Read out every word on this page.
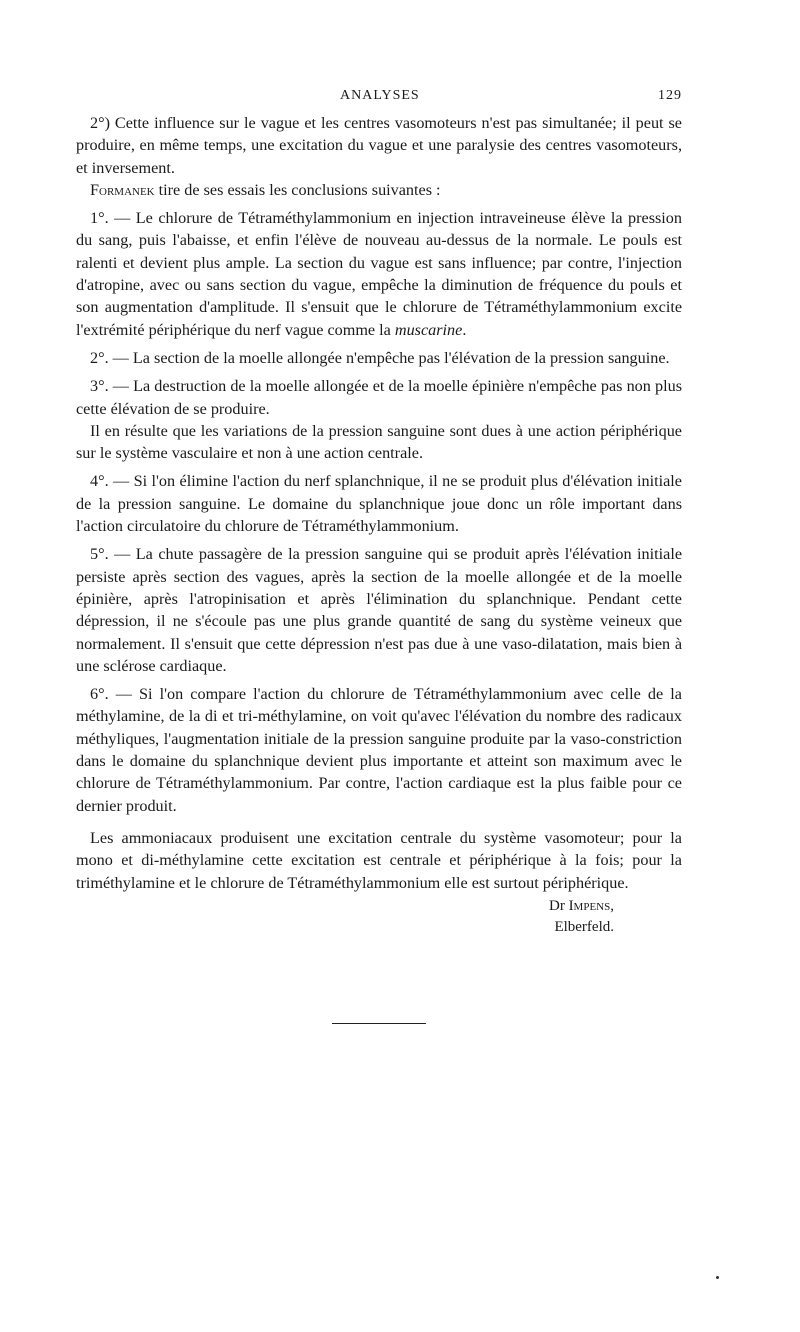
ANALYSES	129

2°) Cette influence sur le vague et les centres vasomoteurs n'est pas simultanée; il peut se produire, en même temps, une excitation du vague et une paralysie des centres vasomoteurs, et inversement.

Formanek tire de ses essais les conclusions suivantes :

1°. — Le chlorure de Tétraméthylammonium en injection intraveineuse élève la pression du sang, puis l'abaisse, et enfin l'élève de nouveau au-dessus de la normale. Le pouls est ralenti et devient plus ample. La section du vague est sans influence; par contre, l'injection d'atropine, avec ou sans section du vague, empêche la diminution de fréquence du pouls et son augmentation d'amplitude. Il s'ensuit que le chlorure de Tétraméthylammonium excite l'extrémité périphérique du nerf vague comme la muscarine.

2°. — La section de la moelle allongée n'empêche pas l'élévation de la pression sanguine.

3°. — La destruction de la moelle allongée et de la moelle épinière n'empêche pas non plus cette élévation de se produire.

Il en résulte que les variations de la pression sanguine sont dues à une action périphérique sur le système vasculaire et non à une action centrale.

4°. — Si l'on élimine l'action du nerf splanchnique, il ne se produit plus d'élévation initiale de la pression sanguine. Le domaine du splanchnique joue donc un rôle important dans l'action circulatoire du chlorure de Tétraméthylammonium.

5°. — La chute passagère de la pression sanguine qui se produit après l'élévation initiale persiste après section des vagues, après la section de la moelle allongée et de la moelle épinière, après l'atropinisation et après l'élimination du splanchnique. Pendant cette dépression, il ne s'écoule pas une plus grande quantité de sang du système veineux que normalement. Il s'ensuit que cette dépression n'est pas due à une vaso-dilatation, mais bien à une sclérose cardiaque.

6°. — Si l'on compare l'action du chlorure de Tétraméthylammonium avec celle de la méthylamine, de la di et tri-méthylamine, on voit qu'avec l'élévation du nombre des radicaux méthyliques, l'augmentation initiale de la pression sanguine produite par la vaso-constriction dans le domaine du splanchnique devient plus importante et atteint son maximum avec le chlorure de Tétraméthylammonium. Par contre, l'action cardiaque est la plus faible pour ce dernier produit.

Les ammoniacaux produisent une excitation centrale du système vasomoteur; pour la mono et di-méthylamine cette excitation est centrale et périphérique à la fois; pour la triméthylamine et le chlorure de Tétraméthylammonium elle est surtout périphérique.

Dr Impens,
Elberfeld.
